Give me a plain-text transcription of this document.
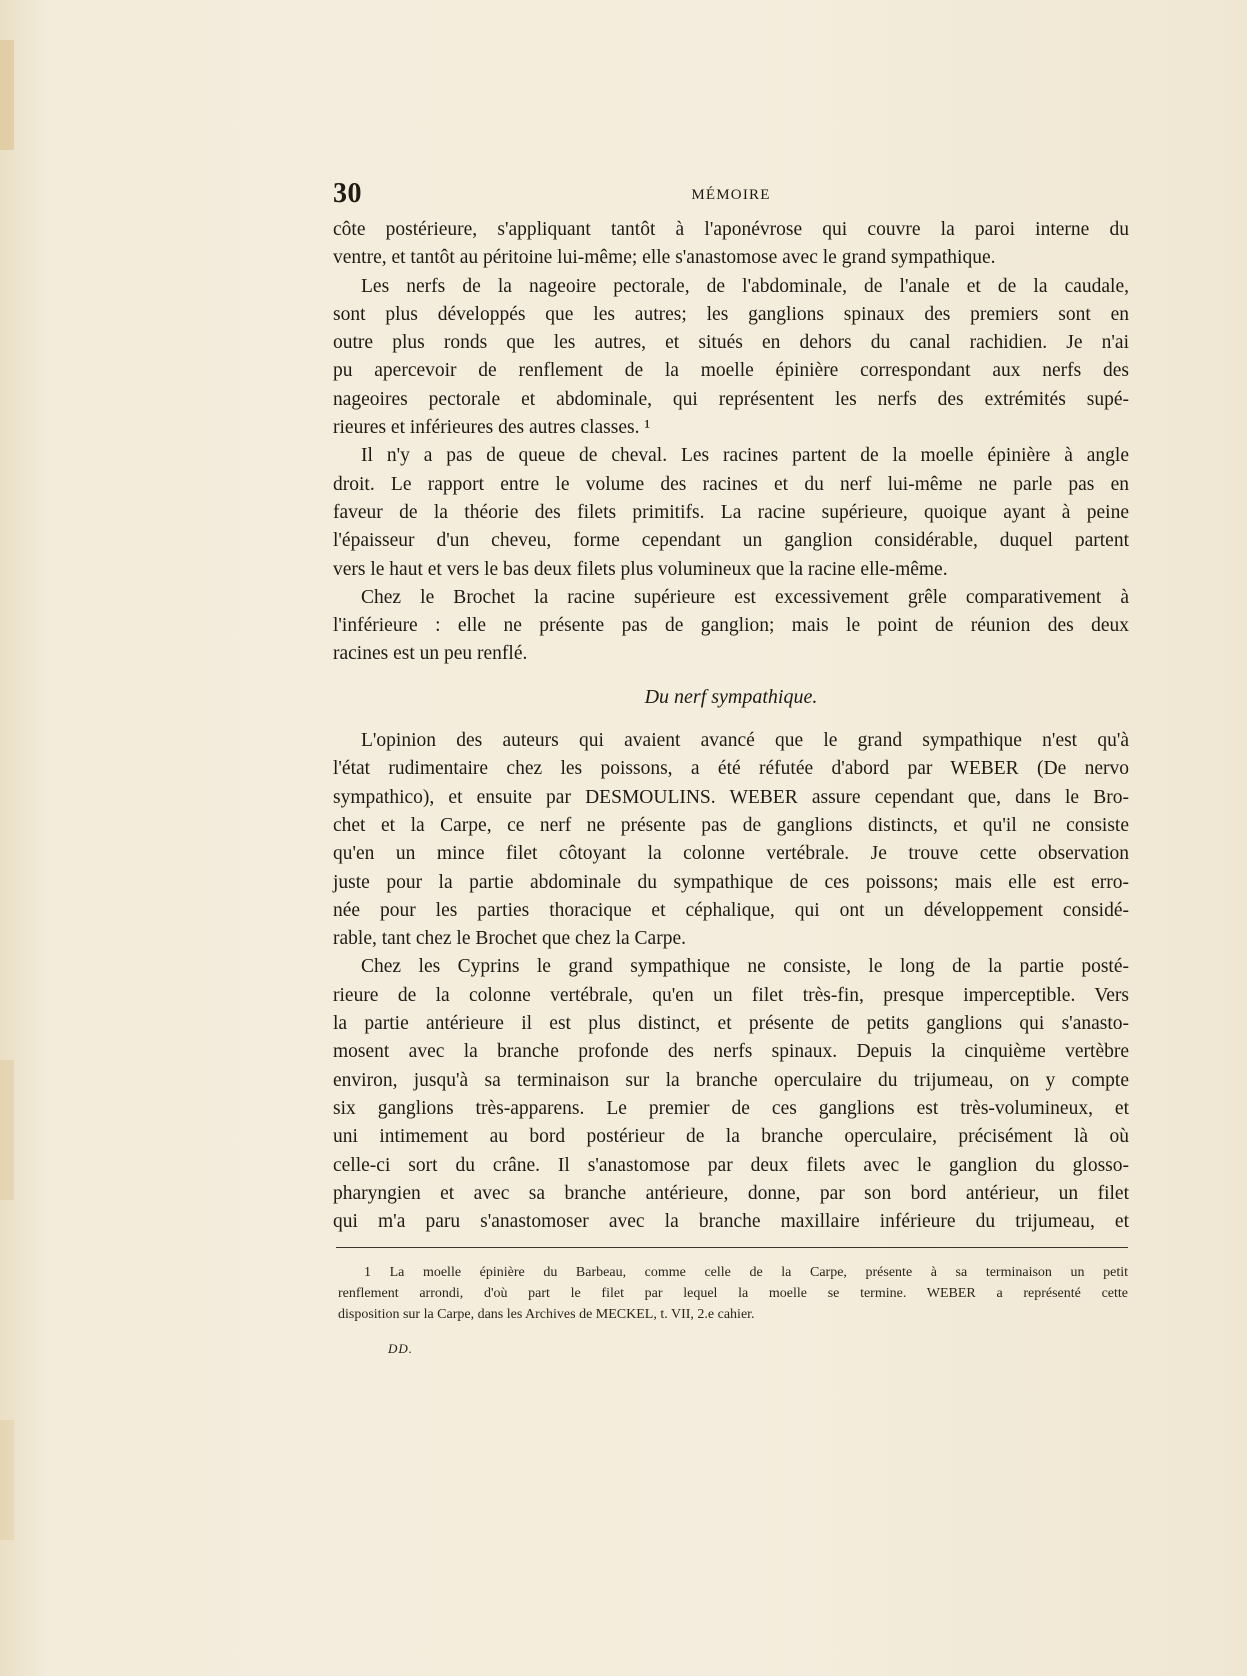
30	MÉMOIRE
côte postérieure, s'appliquant tantôt à l'aponévrose qui couvre la paroi interne du
ventre, et tantôt au péritoine lui-même; elle s'anastomose avec le grand sympathique.
Les nerfs de la nageoire pectorale, de l'abdominale, de l'anale et de la caudale,
sont plus développés que les autres; les ganglions spinaux des premiers sont en
outre plus ronds que les autres, et situés en dehors du canal rachidien. Je n'ai
pu apercevoir de renflement de la moelle épinière correspondant aux nerfs des
nageoires pectorale et abdominale, qui représentent les nerfs des extrémités supé-
rieures et inférieures des autres classes. ¹
Il n'y a pas de queue de cheval. Les racines partent de la moelle épinière à angle
droit. Le rapport entre le volume des racines et du nerf lui-même ne parle pas en
faveur de la théorie des filets primitifs. La racine supérieure, quoique ayant à peine
l'épaisseur d'un cheveu, forme cependant un ganglion considérable, duquel partent
vers le haut et vers le bas deux filets plus volumineux que la racine elle-même.
Chez le Brochet la racine supérieure est excessivement grêle comparativement à
l'inférieure : elle ne présente pas de ganglion; mais le point de réunion des deux
racines est un peu renflé.
Du nerf sympathique.
L'opinion des auteurs qui avaient avancé que le grand sympathique n'est qu'à
l'état rudimentaire chez les poissons, a été réfutée d'abord par WEBER (De nervo
sympathico), et ensuite par DESMOULINS. WEBER assure cependant que, dans le Bro-
chet et la Carpe, ce nerf ne présente pas de ganglions distincts, et qu'il ne consiste
qu'en un mince filet côtoyant la colonne vertébrale. Je trouve cette observation
juste pour la partie abdominale du sympathique de ces poissons; mais elle est erro-
née pour les parties thoracique et céphalique, qui ont un développement considé-
rable, tant chez le Brochet que chez la Carpe.
Chez les Cyprins le grand sympathique ne consiste, le long de la partie posté-
rieure de la colonne vertébrale, qu'en un filet très-fin, presque imperceptible. Vers
la partie antérieure il est plus distinct, et présente de petits ganglions qui s'anasto-
mosent avec la branche profonde des nerfs spinaux. Depuis la cinquième vertèbre
environ, jusqu'à sa terminaison sur la branche operculaire du trijumeau, on y compte
six ganglions très-apparens. Le premier de ces ganglions est très-volumineux, et
uni intimement au bord postérieur de la branche operculaire, précisément là où
celle-ci sort du crâne. Il s'anastomose par deux filets avec le ganglion du glosso-
pharyngien et avec sa branche antérieure, donne, par son bord antérieur, un filet
qui m'a paru s'anastomoser avec la branche maxillaire inférieure du trijumeau, et
1 La moelle épinière du Barbeau, comme celle de la Carpe, présente à sa terminaison un petit
renflement arrondi, d'où part le filet par lequel la moelle se termine. WEBER a représenté cette
disposition sur la Carpe, dans les Archives de MECKEL, t. VII, 2.e cahier.
DD.
